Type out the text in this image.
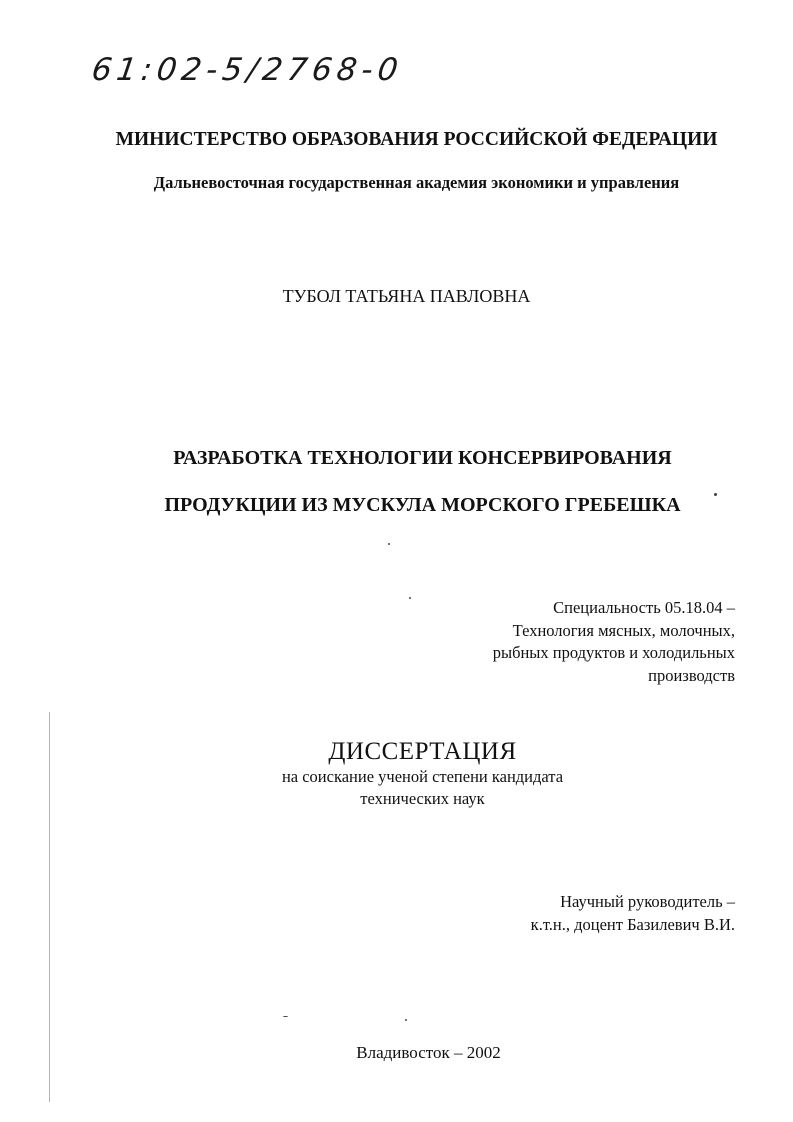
61:02-5/2768-0
МИНИСТЕРСТВО ОБРАЗОВАНИЯ РОССИЙСКОЙ ФЕДЕРАЦИИ
Дальневосточная государственная академия экономики и управления
ТУБОЛ ТАТЬЯНА ПАВЛОВНА
РАЗРАБОТКА ТЕХНОЛОГИИ КОНСЕРВИРОВАНИЯ
ПРОДУКЦИИ ИЗ МУСКУЛА МОРСКОГО ГРЕБЕШКА
Специальность 05.18.04 –
Технология мясных, молочных,
рыбных продуктов и холодильных
производств
ДИССЕРТАЦИЯ
на соискание ученой степени кандидата
технических наук
Научный руководитель –
к.т.н., доцент Базилевич В.И.
Владивосток – 2002
